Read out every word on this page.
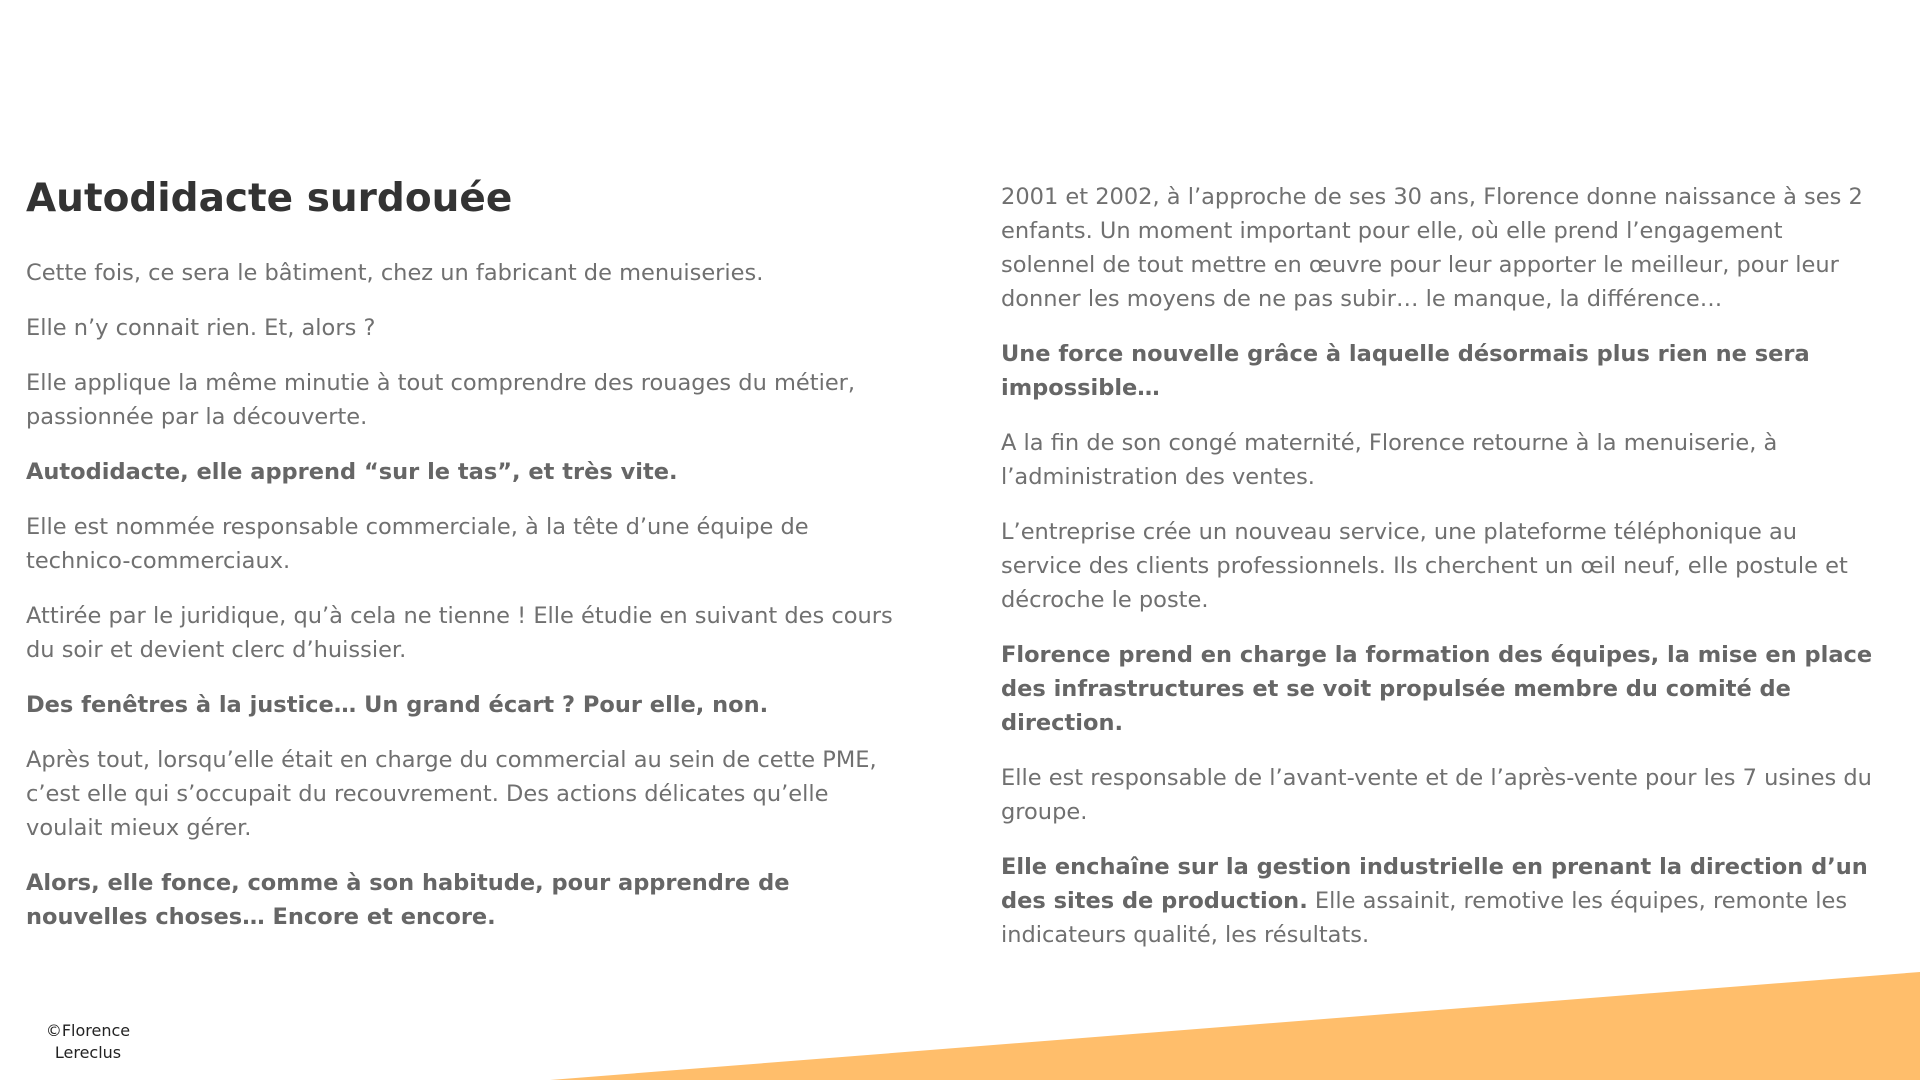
Autodidacte surdouée

Cette fois, ce sera le bâtiment, chez un fabricant de menuiseries.

Elle n’y connait rien. Et, alors ?

Elle applique la même minutie à tout comprendre des rouages du métier, passionnée par la découverte.

Autodidacte, elle apprend “sur le tas”, et très vite.

Elle est nommée responsable commerciale, à la tête d’une équipe de technico-commerciaux.

Attirée par le juridique, qu’à cela ne tienne ! Elle étudie en suivant des cours du soir et devient clerc d’huissier.

Des fenêtres à la justice… Un grand écart ? Pour elle, non.

Après tout, lorsqu’elle était en charge du commercial au sein de cette PME, c’est elle qui s’occupait du recouvrement. Des actions délicates qu’elle voulait mieux gérer.

Alors, elle fonce, comme à son habitude, pour apprendre de nouvelles choses… Encore et encore.

2001 et 2002, à l’approche de ses 30 ans, Florence donne naissance à ses 2 enfants. Un moment important pour elle, où elle prend l’engagement solennel de tout mettre en œuvre pour leur apporter le meilleur, pour leur donner les moyens de ne pas subir… le manque, la différence…

Une force nouvelle grâce à laquelle désormais plus rien ne sera impossible…

A la fin de son congé maternité, Florence retourne à la menuiserie, à l’administration des ventes.

L’entreprise crée un nouveau service, une plateforme téléphonique au service des clients professionnels. Ils cherchent un œil neuf, elle postule et décroche le poste.

Florence prend en charge la formation des équipes, la mise en place des infrastructures et se voit propulsée membre du comité de direction.

Elle est responsable de l’avant-vente et de l’après-vente pour les 7 usines du groupe.

Elle enchaîne sur la gestion industrielle en prenant la direction d’un des sites de production. Elle assainit, remotive les équipes, remonte les indicateurs qualité, les résultats.

©Florence
Lereclus
